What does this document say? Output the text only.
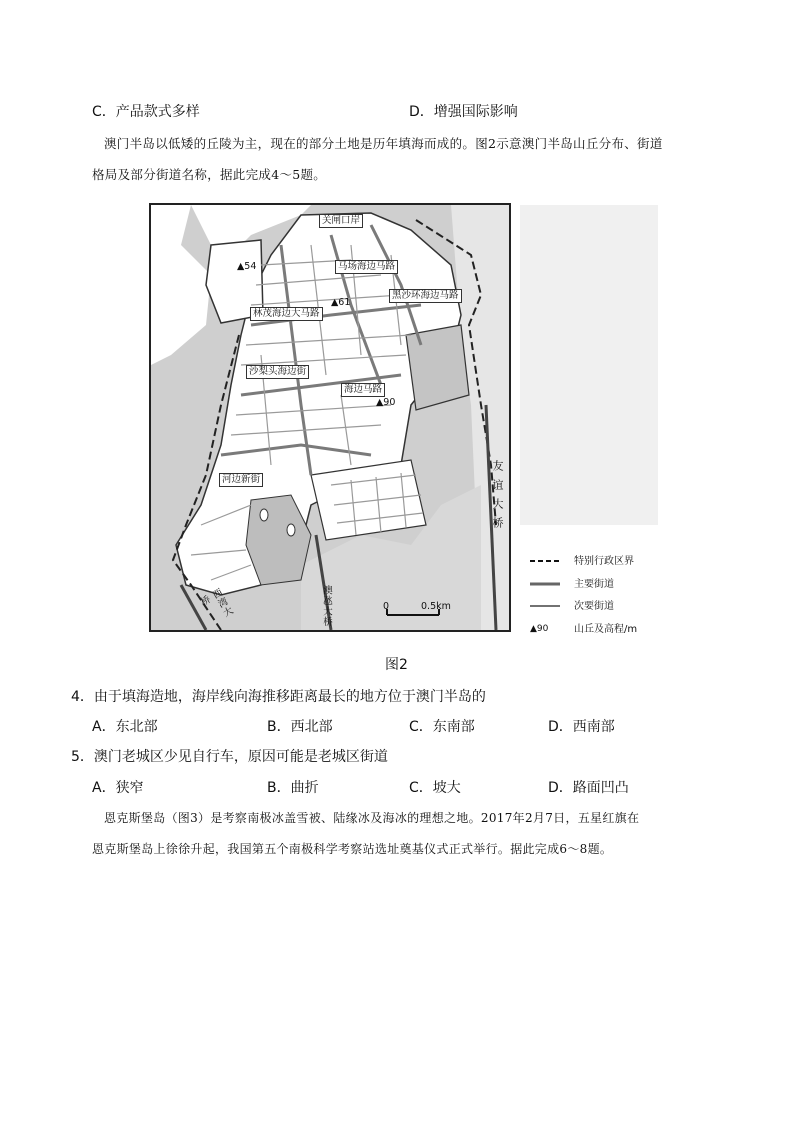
C．产品款式多样	D．增强国际影响
澳门半岛以低矮的丘陵为主，现在的部分土地是历年填海而成的。图2示意澳门半岛山丘分布、街道
格局及部分街道名称，据此完成4～5题。
关闸口岸
马场海边马路
黑沙环海边马路
林茂海边大马路
沙梨头海边街
海边马路
河边新街
▲54
▲61
▲90
西湾大桥	澳氹大桥	0	0.5km
友谊大桥
特别行政区界
主要街道
次要街道
▲90	山丘及高程/m
图2
4．由于填海造地，海岸线向海推移距离最长的地方位于澳门半岛的
A．东北部	B．西北部	C．东南部	D．西南部
5．澳门老城区少见自行车，原因可能是老城区街道
A．狭窄	B．曲折	C．坡大	D．路面凹凸
恩克斯堡岛（图3）是考察南极冰盖雪被、陆缘冰及海冰的理想之地。2017年2月7日，五星红旗在
恩克斯堡岛上徐徐升起，我国第五个南极科学考察站选址奠基仪式正式举行。据此完成6～8题。
